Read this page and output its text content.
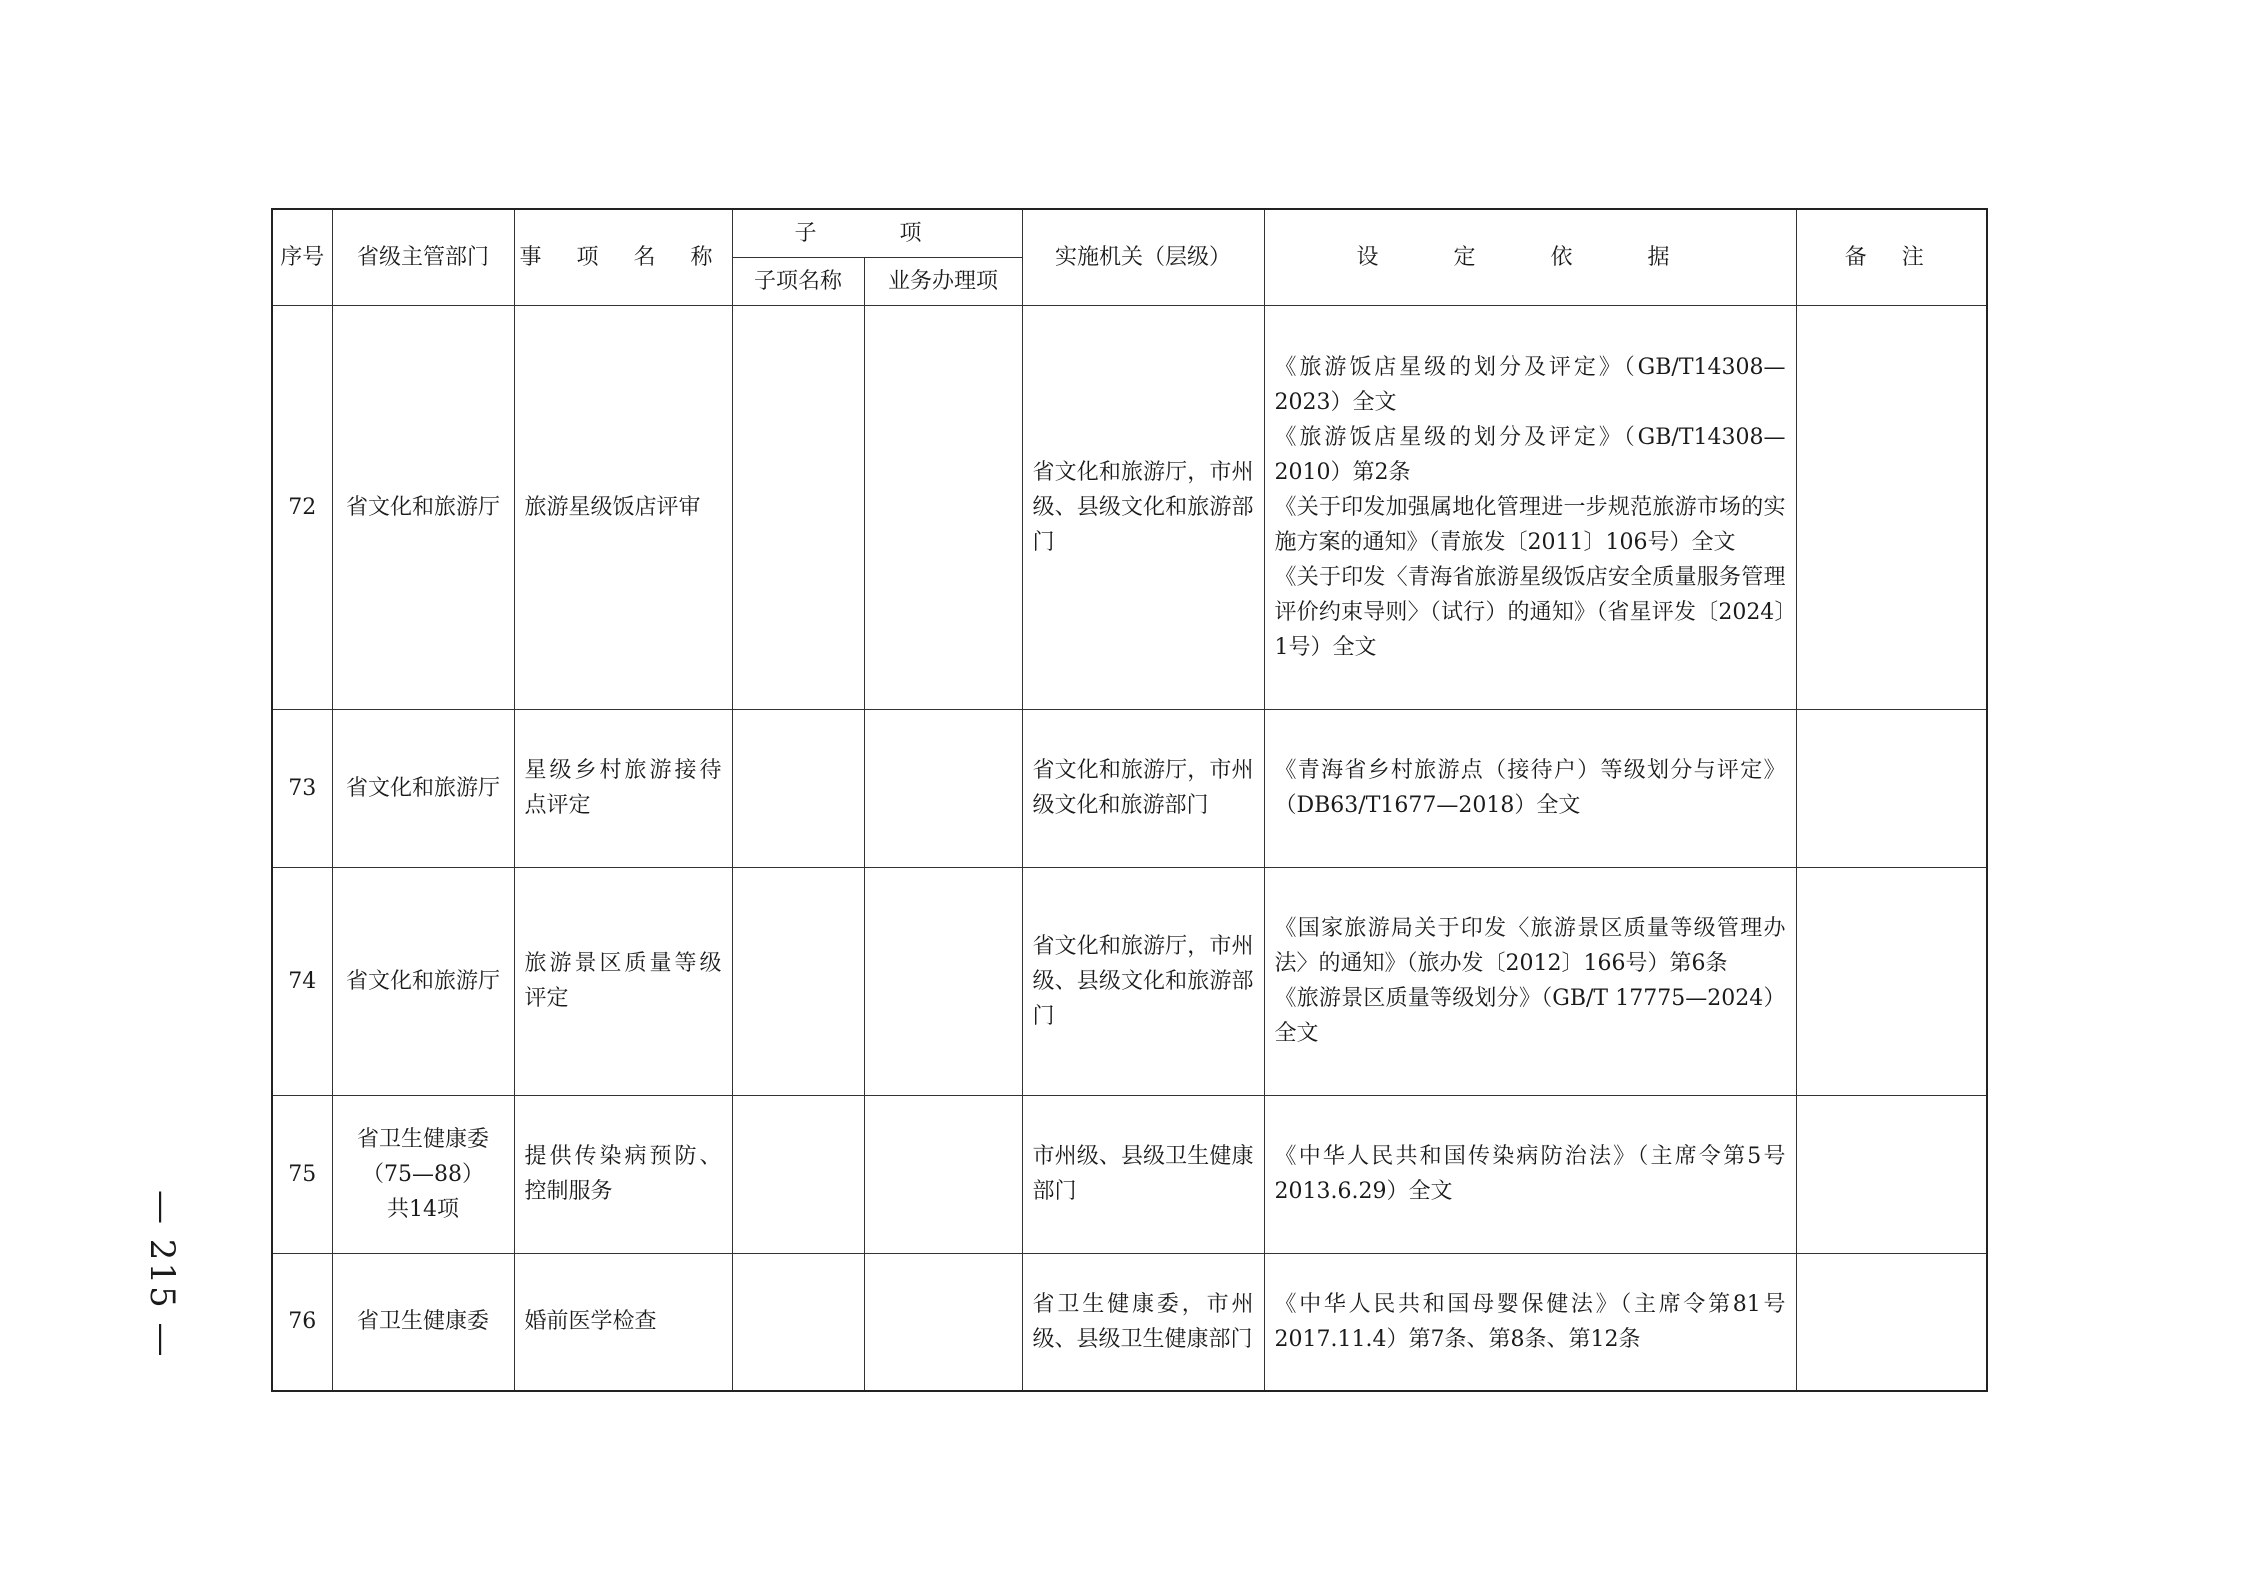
— 215 —
序号	省级主管部门	事 项 名 称	子 项		实施机关（层级）	设 定 依 据	备 注
			子项名称	业务办理项			
72	省文化和旅游厅	旅游星级饭店评审			省文化和旅游厅，市州级、县级文化和旅游部门	《旅游饭店星级的划分及评定》（GB/T14308—2023）全文
《旅游饭店星级的划分及评定》（GB/T14308—2010）第2条
《关于印发加强属地化管理进一步规范旅游市场的实施方案的通知》（青旅发〔2011〕106号）全文
《关于印发〈青海省旅游星级饭店安全质量服务管理评价约束导则〉（试行）的通知》（省星评发〔2024〕1号）全文	

73	省文化和旅游厅	星级乡村旅游接待点评定			省文化和旅游厅，市州级文化和旅游部门	《青海省乡村旅游点（接待户）等级划分与评定》（DB63/T1677—2018）全文	

74	省文化和旅游厅	旅游景区质量等级评定			省文化和旅游厅，市州级、县级文化和旅游部门	《国家旅游局关于印发〈旅游景区质量等级管理办法〉的通知》（旅办发〔2012〕166号）第6条
《旅游景区质量等级划分》（GB/T 17775—2024）全文	

75	省卫生健康委
（75—88）
共14项	提供传染病预防、控制服务			市州级、县级卫生健康部门	《中华人民共和国传染病防治法》（主席令第5号2013.6.29）全文	

76	省卫生健康委	婚前医学检查			省卫生健康委，市州级、县级卫生健康部门	《中华人民共和国母婴保健法》（主席令第81号2017.11.4）第7条、第8条、第12条	
